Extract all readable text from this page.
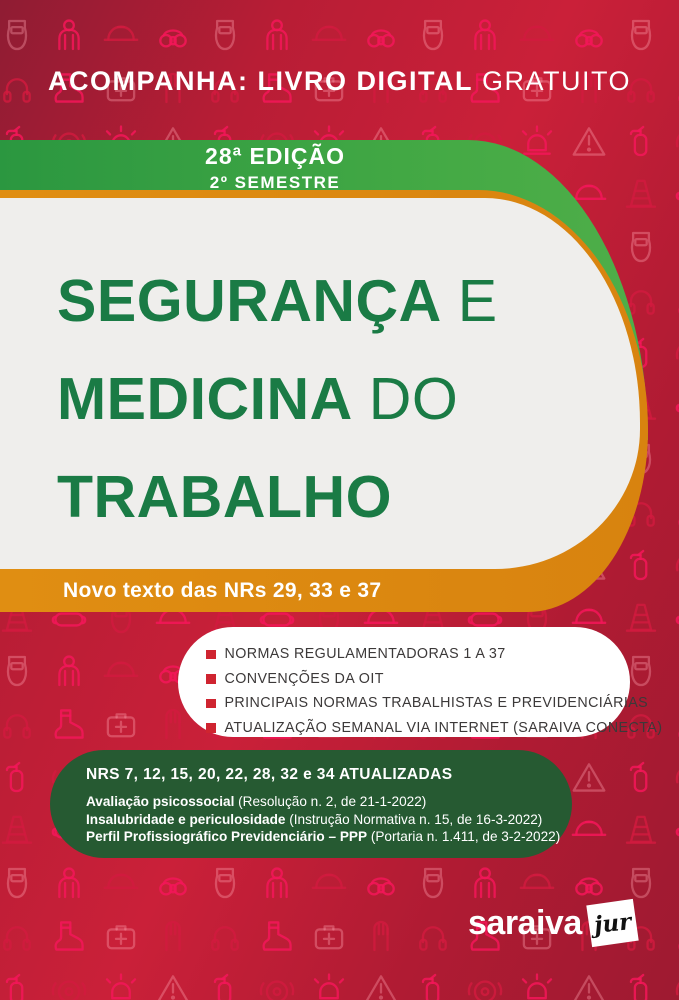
ACOMPANHA: LIVRO DIGITAL GRATUITO
28ª EDIÇÃO
2º SEMESTRE
SEGURANÇA E
MEDICINA DO
TRABALHO
Novo texto das NRs 29, 33 e 37
NORMAS REGULAMENTADORAS 1 A 37
CONVENÇÕES DA OIT
PRINCIPAIS NORMAS TRABALHISTAS E PREVIDENCIÁRIAS
ATUALIZAÇÃO SEMANAL VIA INTERNET (SARAIVA CONECTA)
NRS 7, 12, 15, 20, 22, 28, 32 e 34 ATUALIZADAS
Avaliação psicossocial (Resolução n. 2, de 21-1-2022)
Insalubridade e periculosidade (Instrução Normativa n. 15, de 16-3-2022)
Perfil Profissiográfico Previdenciário – PPP (Portaria n. 1.411, de 3-2-2022)
saraiva jur
